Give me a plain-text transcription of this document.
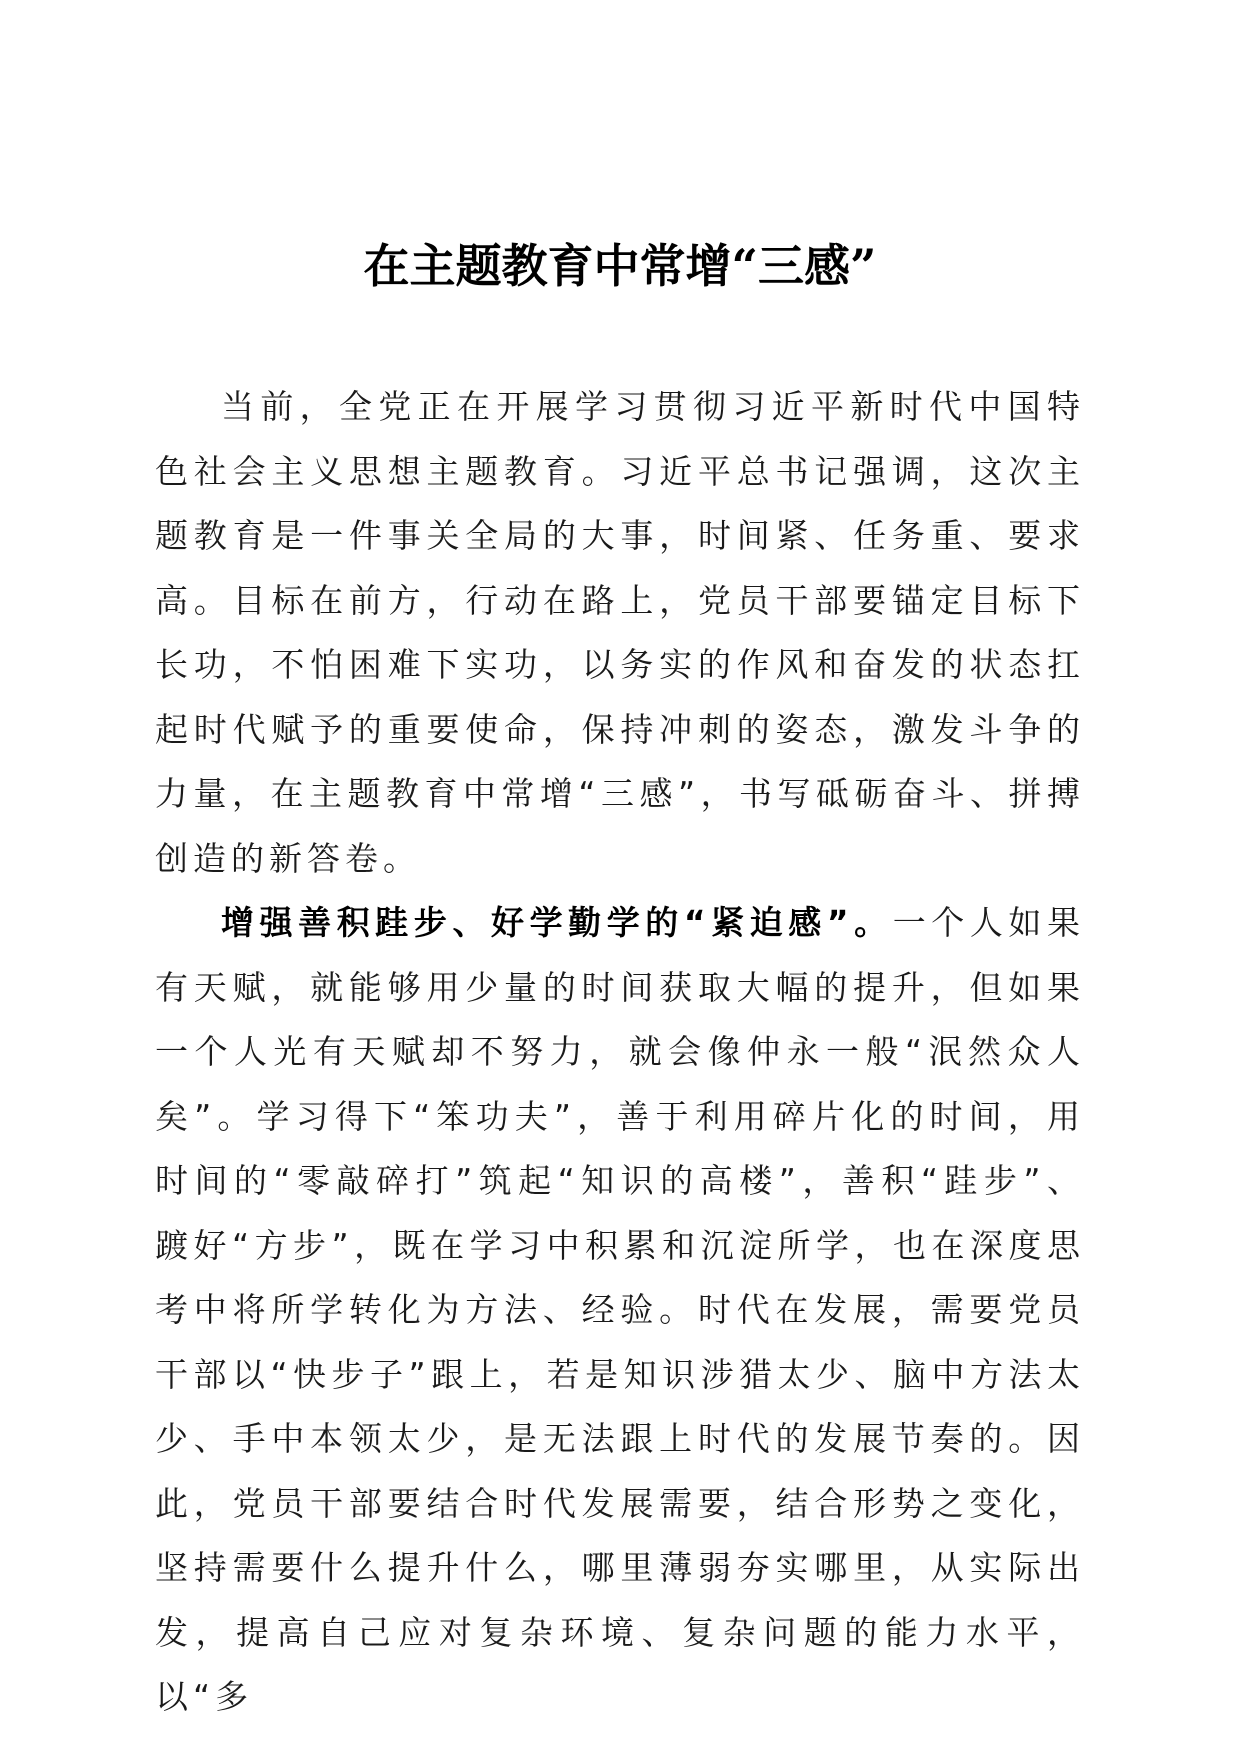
在主题教育中常增“三感”

当前，全党正在开展学习贯彻习近平新时代中国特色社会主义思想主题教育。习近平总书记强调，这次主题教育是一件事关全局的大事，时间紧、任务重、要求高。目标在前方，行动在路上，党员干部要锚定目标下长功，不怕困难下实功，以务实的作风和奋发的状态扛起时代赋予的重要使命，保持冲刺的姿态，激发斗争的力量，在主题教育中常增“三感”，书写砥砺奋斗、拼搏创造的新答卷。

增强善积跬步、好学勤学的“紧迫感”。一个人如果有天赋，就能够用少量的时间获取大幅的提升，但如果一个人光有天赋却不努力，就会像仲永一般“泯然众人矣”。学习得下“笨功夫”，善于利用碎片化的时间，用时间的“零敲碎打”筑起“知识的高楼”，善积“跬步”、踱好“方步”，既在学习中积累和沉淀所学，也在深度思考中将所学转化为方法、经验。时代在发展，需要党员干部以“快步子”跟上，若是知识涉猎太少、脑中方法太少、手中本领太少，是无法跟上时代的发展节奏的。因此，党员干部要结合时代发展需要，结合形势之变化，坚持需要什么提升什么，哪里薄弱夯实哪里，从实际出发，提高自己应对复杂环境、复杂问题的能力水平，以“多
